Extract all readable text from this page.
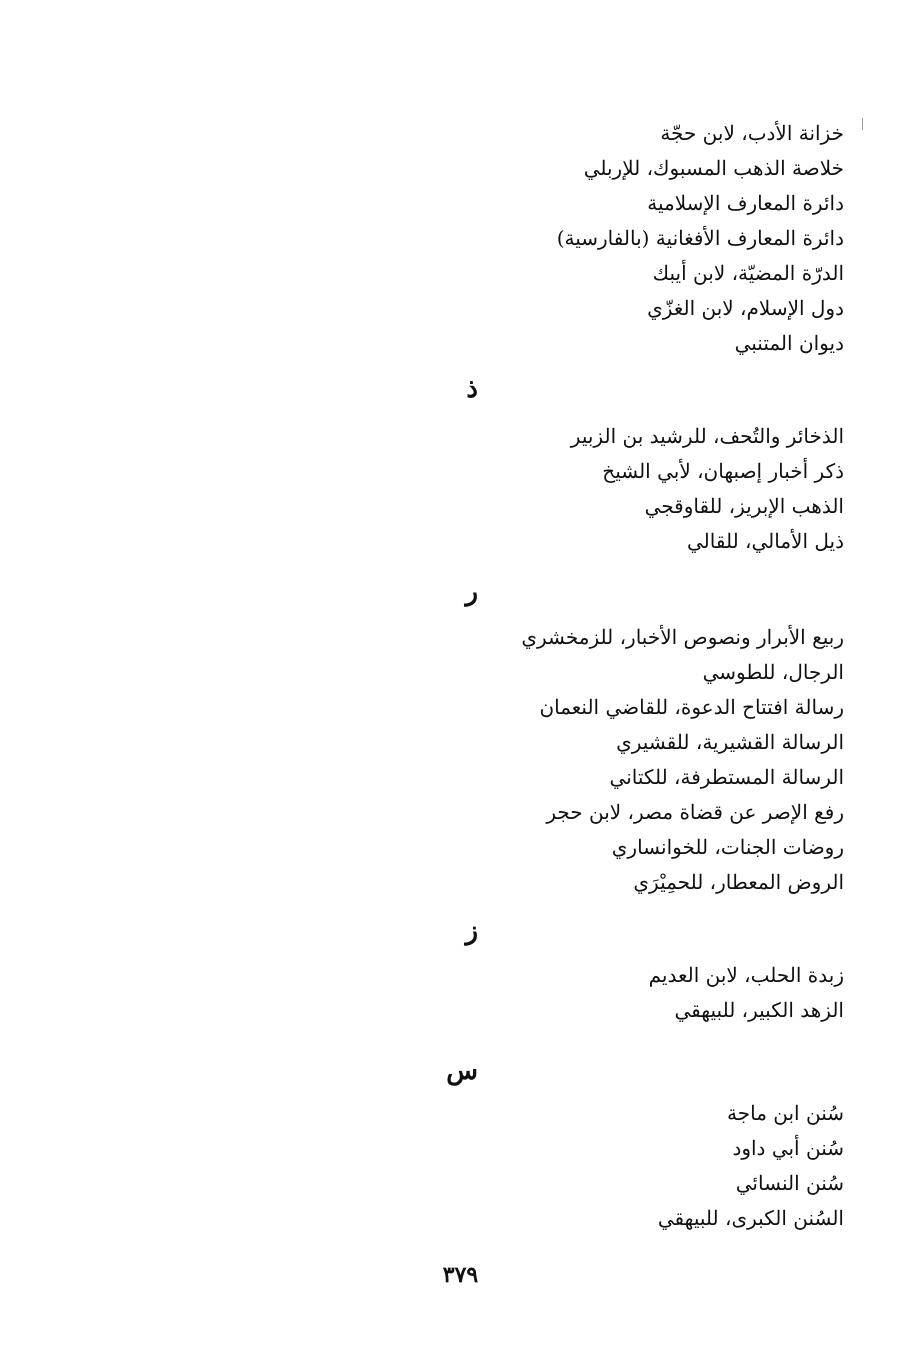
خزانة الأدب، لابن حجّة
خلاصة الذهب المسبوك، للإربلي
دائرة المعارف الإسلامية
دائرة المعارف الأفغانية (بالفارسية)
الدرّة المضيّة، لابن أيبك
دول الإسلام، لابن الغزّي
ديوان المتنبي
ذ
الذخائر والتُحف، للرشيد بن الزبير
ذكر أخبار إصبهان، لأبي الشيخ
الذهب الإبريز، للقاوقجي
ذيل الأمالي، للقالي
ر
ربيع الأبرار ونصوص الأخبار، للزمخشري
الرجال، للطوسي
رسالة افتتاح الدعوة، للقاضي النعمان
الرسالة القشيرية، للقشيري
الرسالة المستطرفة، للكتاني
رفع الإصر عن قضاة مصر، لابن حجر
روضات الجنات، للخوانساري
الروض المعطار، للحمِيْرَي
ز
زبدة الحلب، لابن العديم
الزهد الكبير، للبيهقي
س
سُنن ابن ماجة
سُنن أبي داود
سُنن النسائي
السُنن الكبرى، للبيهقي
٣٧٩
